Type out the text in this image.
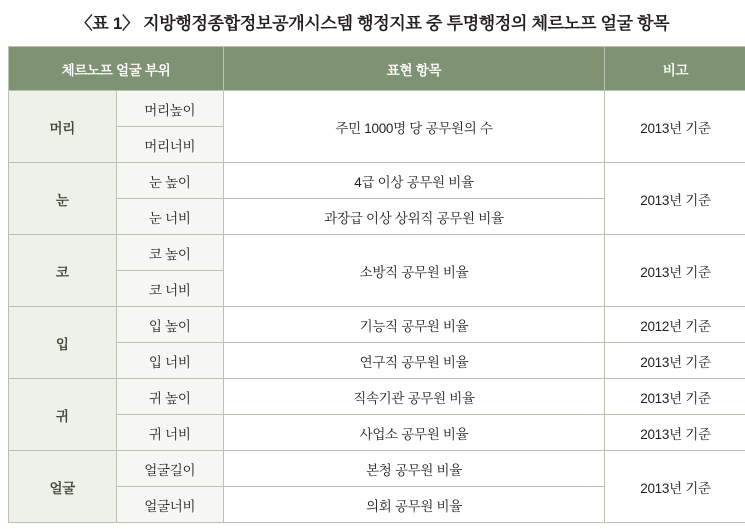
〈표 1〉 지방행정종합정보공개시스템 행정지표 중 투명행정의 체르노프 얼굴 항목
체르노프 얼굴 부위		표현 항목	비고
머리	머리높이	주민 1000명 당 공무원의 수	2013년 기준
	머리너비		
눈	눈 높이	4급 이상 공무원 비율	2013년 기준
	눈 너비	과장급 이상 상위직 공무원 비율	
코	코 높이	소방직 공무원 비율	2013년 기준
	코 너비		
입	입 높이	기능직 공무원 비율	2012년 기준
	입 너비	연구직 공무원 비율	2013년 기준
귀	귀 높이	직속기관 공무원 비율	2013년 기준
	귀 너비	사업소 공무원 비율	2013년 기준
얼굴	얼굴길이	본청 공무원 비율	2013년 기준
	얼굴너비	의회 공무원 비율	
